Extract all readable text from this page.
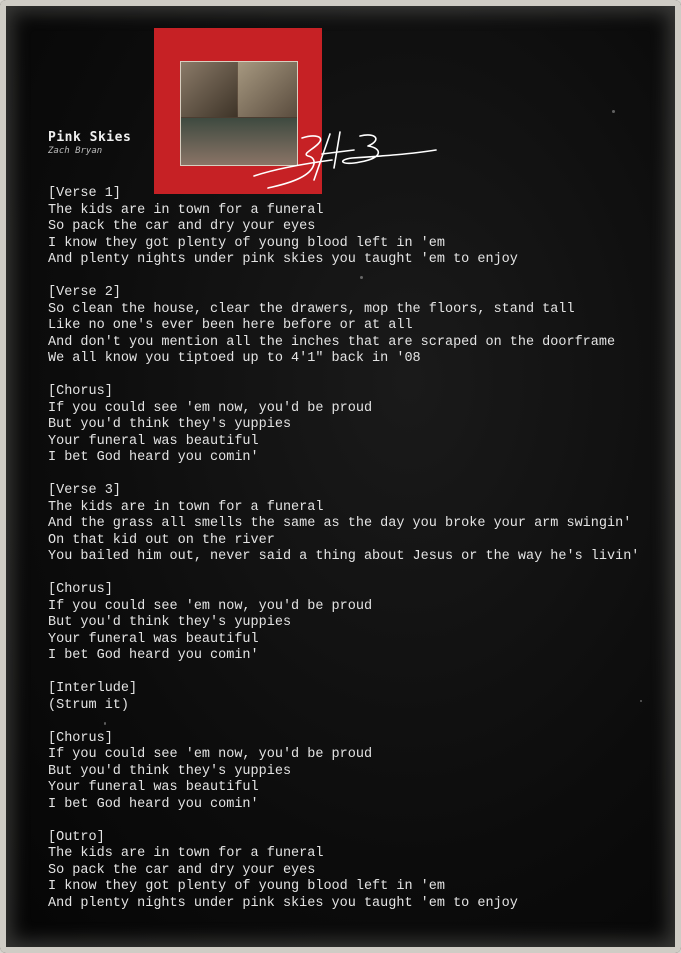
Pink Skies
Zach Bryan
[Verse 1]
The kids are in town for a funeral
So pack the car and dry your eyes
I know they got plenty of young blood left in 'em
And plenty nights under pink skies you taught 'em to enjoy
[Verse 2]
So clean the house, clear the drawers, mop the floors, stand tall
Like no one's ever been here before or at all
And don't you mention all the inches that are scraped on the doorframe
We all know you tiptoed up to 4'1" back in '08
[Chorus]
If you could see 'em now, you'd be proud
But you'd think they's yuppies
Your funeral was beautiful
I bet God heard you comin'
[Verse 3]
The kids are in town for a funeral
And the grass all smells the same as the day you broke your arm swingin'
On that kid out on the river
You bailed him out, never said a thing about Jesus or the way he's livin'
[Chorus]
If you could see 'em now, you'd be proud
But you'd think they's yuppies
Your funeral was beautiful
I bet God heard you comin'
[Interlude]
(Strum it)
[Chorus]
If you could see 'em now, you'd be proud
But you'd think they's yuppies
Your funeral was beautiful
I bet God heard you comin'
[Outro]
The kids are in town for a funeral
So pack the car and dry your eyes
I know they got plenty of young blood left in 'em
And plenty nights under pink skies you taught 'em to enjoy
